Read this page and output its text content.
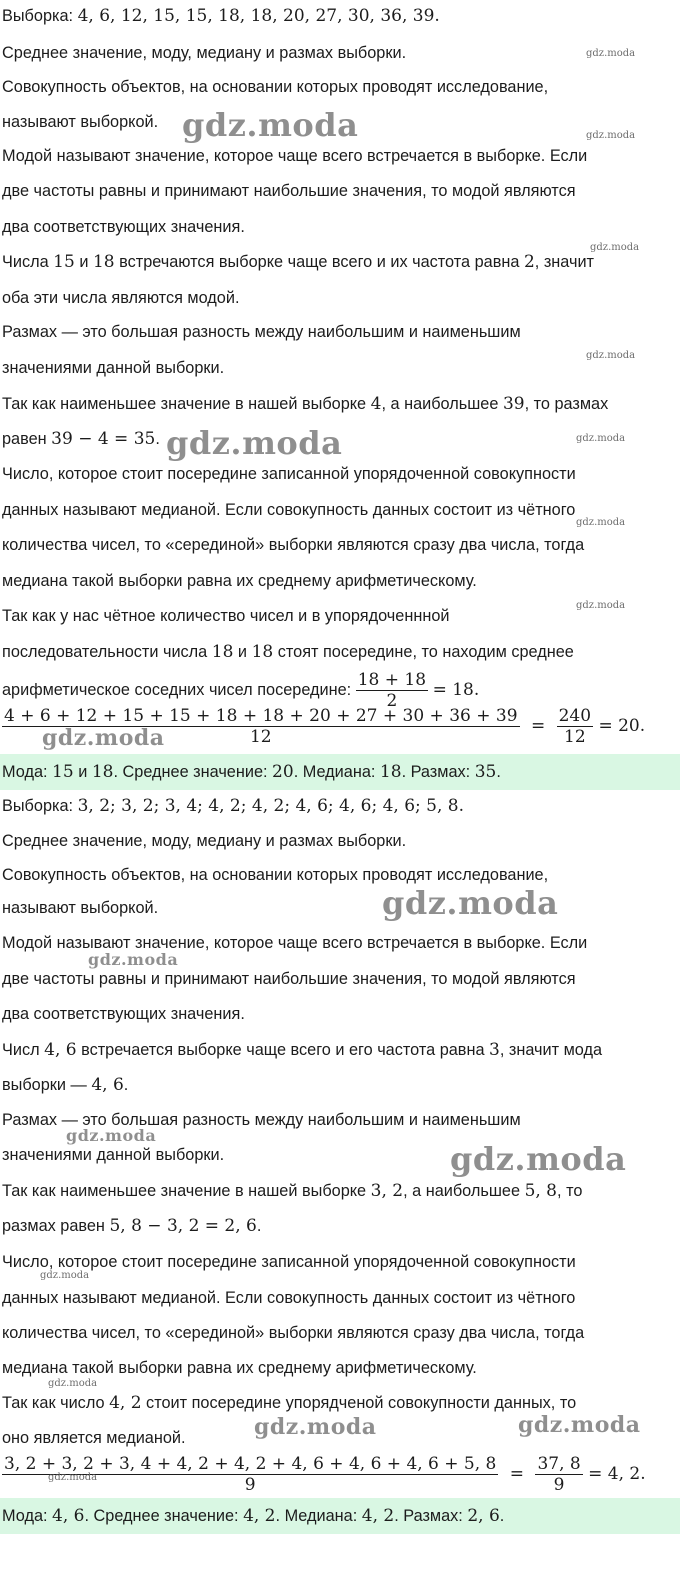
Выборка: 4, 6, 12, 15, 15, 18, 18, 20, 27, 30, 36, 39.
Среднее значение, моду, медиану и размах выборки.
Совокупность объектов, на основании которых проводят исследование,
называют выборкой.
Модой называют значение, которое чаще всего встречается в выборке. Если
две частоты равны и принимают наибольшие значения, то модой являются
два соответствующих значения.
Числа 15 и 18 встречаются выборке чаще всего и их частота равна 2, значит
оба эти числа являются модой.
Размах — это большая разность между наибольшим и наименьшим
значениями данной выборки.
Так как наименьшее значение в нашей выборке 4, а наибольшее 39, то размах
равен 39 − 4 = 35.
Число, которое стоит посередине записанной упорядоченной совокупности
данных называют медианой. Если совокупность данных состоит из чётного
количества чисел, то «серединой» выборки являются сразу два числа, тогда
медиана такой выборки равна их среднему арифметическому.
Так как у нас чётное количество чисел и в упорядоченнной
последовательности числа 18 и 18 стоят посередине, то находим среднее
арифметическое соседних чисел посередине: $\frac{18 + 18}{2} = 18$.
$\frac{4 + 6 + 12 + 15 + 15 + 18 + 18 + 20 + 27 + 30 + 36 + 39}{12} = \frac{240}{12} = 20$.
Мода: 15 и 18. Среднее значение: 20. Медиана: 18. Размах: 35.
Выборка: 3, 2; 3, 2; 3, 4; 4, 2; 4, 2; 4, 6; 4, 6; 4, 6; 5, 8.
Среднее значение, моду, медиану и размах выборки.
Совокупность объектов, на основании которых проводят исследование,
называют выборкой.
Модой называют значение, которое чаще всего встречается в выборке. Если
две частоты равны и принимают наибольшие значения, то модой являются
два соответствующих значения.
Числ 4, 6 встречается выборке чаще всего и его частота равна 3, значит мода
выборки — 4, 6.
Размах — это большая разность между наибольшим и наименьшим
значениями данной выборки.
Так как наименьшее значение в нашей выборке 3, 2, а наибольшее 5, 8, то
размах равен 5, 8 − 3, 2 = 2, 6.
Число, которое стоит посередине записанной упорядоченной совокупности
данных называют медианой. Если совокупность данных состоит из чётного
количества чисел, то «серединой» выборки являются сразу два числа, тогда
медиана такой выборки равна их среднему арифметическому.
Так как число 4, 2 стоит посередине упорядченой совокупности данных, то
оно является медианой.
$\frac{3, 2 + 3, 2 + 3, 4 + 4, 2 + 4, 2 + 4, 6 + 4, 6 + 4, 6 + 5, 8}{9} = \frac{37, 8}{9} = 4$, 2.
Мода: 4, 6. Среднее значение: 4, 2. Медиана: 4, 2. Размах: 2, 6.
gdz.moda
gdz.moda
gdz.moda
gdz.moda
gdz.moda
gdz.moda	gdz.moda
gdz.moda
gdz.moda
gdz.moda
gdz.moda
gdz.moda
gdz.moda
gdz.moda
gdz.moda
gdz.moda
gdz.moda
gdz.moda
gdz.moda
